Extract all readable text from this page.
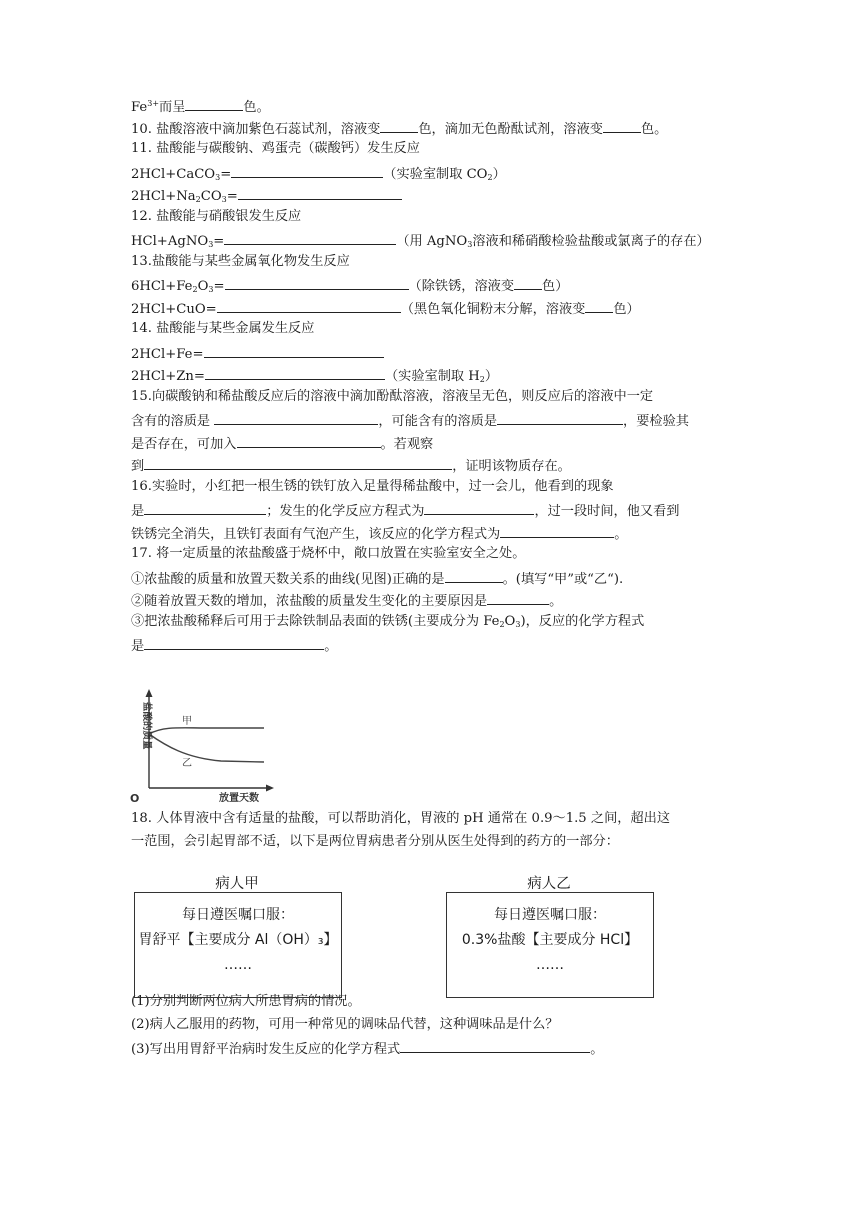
$Fe^{3+}$而呈	色。
10. 盐酸溶液中滴加紫色石蕊试剂，溶液变	色，滴加无色酚酞试剂，溶液变	色。
11. 盐酸能与碳酸钠、鸡蛋壳（碳酸钙）发生反应
2HCl+CaCO$_3$=	（实验室制取 $CO_2$）
$2HCl+Na_2CO_3=$
12. 盐酸能与硝酸银发生反应
HCl+AgNO$_3$=	（用 AgNO$_3$溶液和稀硝酸检验盐酸或氯离子的存在）
13.盐酸能与某些金属氧化物发生反应
$6HCl+Fe_2O_3=$	（除铁锈，溶液变 色）
2HCl+CuO=	（黑色氧化铜粉末分解，溶液变 色）
14. 盐酸能与某些金属发生反应
2HCl+Fe=
2HCl+Zn=	（实验室制取 $H_2$）
15.向碳酸钠和稀盐酸反应后的溶液中滴加酚酞溶液，溶液呈无色，则反应后的溶液中一定
含有的溶质是	，可能含有的溶质是	，要检验其
是否存在，可加入	。若观察
到	，证明该物质存在。
16.实验时，小红把一根生锈的铁钉放入足量得稀盐酸中，过一会儿，他看到的现象
是	；发生的化学反应方程式为	，过一段时间，他又看到
铁锈完全消失，且铁钉表面有气泡产生，该反应的化学方程式为	。
17. 将一定质量的浓盐酸盛于烧杯中，敞口放置在实验室安全之处。
①浓盐酸的质量和放置天数关系的曲线(见图)正确的是	。(填写“甲”或“乙“).
②随着放置天数的增加，浓盐酸的质量发生变化的主要原因是	。
③把浓盐酸稀释后可用于去除铁制品表面的铁锈(主要成分为 $Fe_2O_3$)，反应的化学方程式
是	。
18. 人体胃液中含有适量的盐酸，可以帮助消化，胃液的 pH 通常在 0.9～1.5 之间，超出这
一范围，会引起胃部不适，以下是两位胃病患者分别从医生处得到的药方的一部分：
(1)分别判断两位病人所患胃病的情况。
(2)病人乙服用的药物，可用一种常见的调味品代替，这种调味品是什么？
(3)写出用胃舒平治病时发生反应的化学方程式	。
甲
乙
O	放置天数
盐酸的质量
病人甲
每日遵医嘱口服：
胃舒平【主要成分 Al（OH）₃】
……
病人乙
每日遵医嘱口服：
0.3%盐酸【主要成分 HCl】
……
